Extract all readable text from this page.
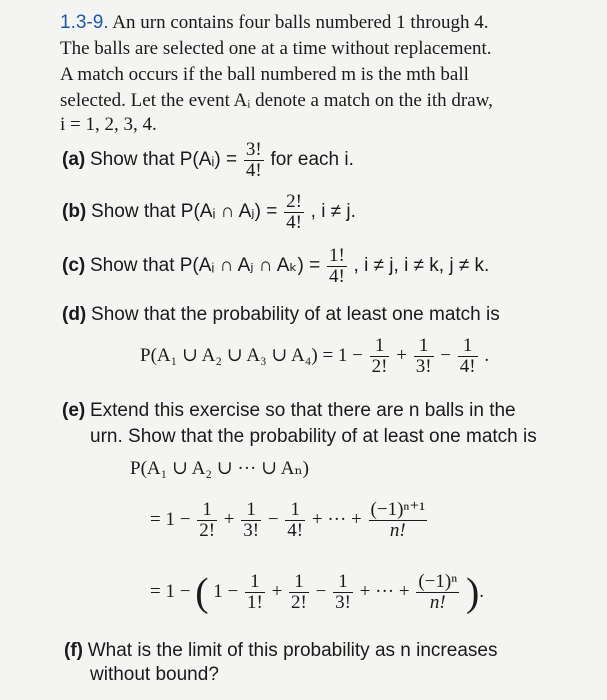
1.3-9. An urn contains four balls numbered 1 through 4.
The balls are selected one at a time without replacement.
A match occurs if the ball numbered m is the mth ball
selected. Let the event Aᵢ denote a match on the ith draw,
i = 1, 2, 3, 4.
(a) Show that P(Aᵢ) = $\frac{3!}{4!}$ for each i.
(b) Show that P(Aᵢ ∩ Aⱼ) = $\frac{2!}{4!}$ , i ≠ j.
(c) Show that P(Aᵢ ∩ Aⱼ ∩ $A_k) = \frac{1!}{4!}$ , i ≠ j, i ≠ k, j ≠ k.
(d) Show that the probability of at least one match is
P(A₁ ∪ A₂ ∪ A₃ ∪ $A_4) = 1 - \frac{1}{2!} + \frac{1}{3!} - \frac{1}{4!}$ .
(e) Extend this exercise so that there are n balls in the
urn. Show that the probability of at least one match is
P(A₁ ∪ A₂ ∪ ··· ∪ Aₙ)
= $1 - \frac{1}{2!} + \frac{1}{3!} - \frac{1}{4!}$ + ··· + $\frac{\text{(−1)ⁿ⁺¹}}{n!}$
= 1 − ( $1 - \frac{1}{1!} + \frac{1}{2!} - \frac{1}{3!}$ + ··· + $\frac{\text{(−1)ⁿ}}{n!}$ ).
(f) What is the limit of this probability as n increases
without bound?
